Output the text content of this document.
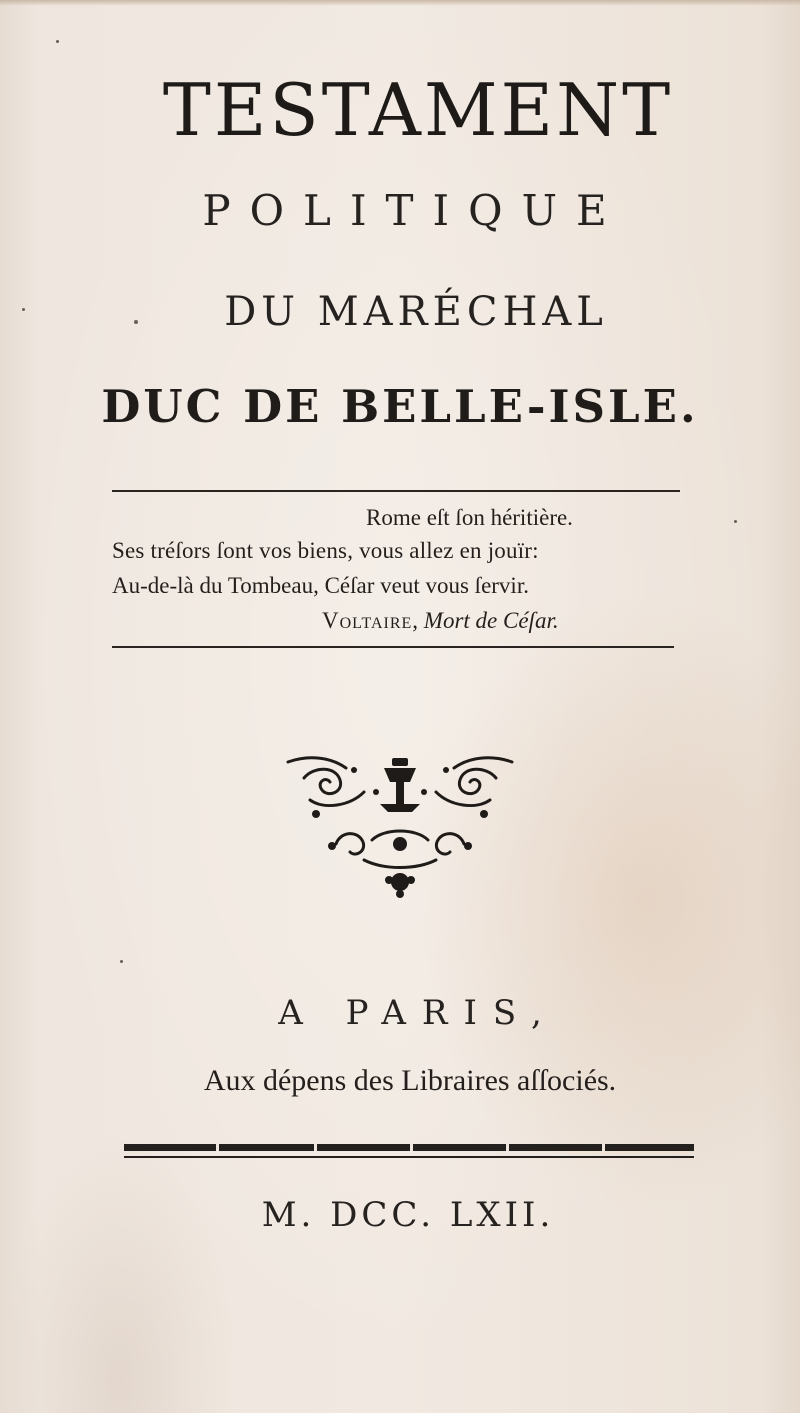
TESTAMENT
POLITIQUE
DU MARÉCHAL
DUC DE BELLE-ISLE.
Rome eſt ſon héritière.
Ses tréſors ſont vos biens, vous allez en jouïr:
Au-de-là du Tombeau, Céſar veut vous ſervir.
Voltaire, Mort de Céſar.
A PARIS,
Aux dépens des Libraires aſſociés.
M. DCC. LXII.
